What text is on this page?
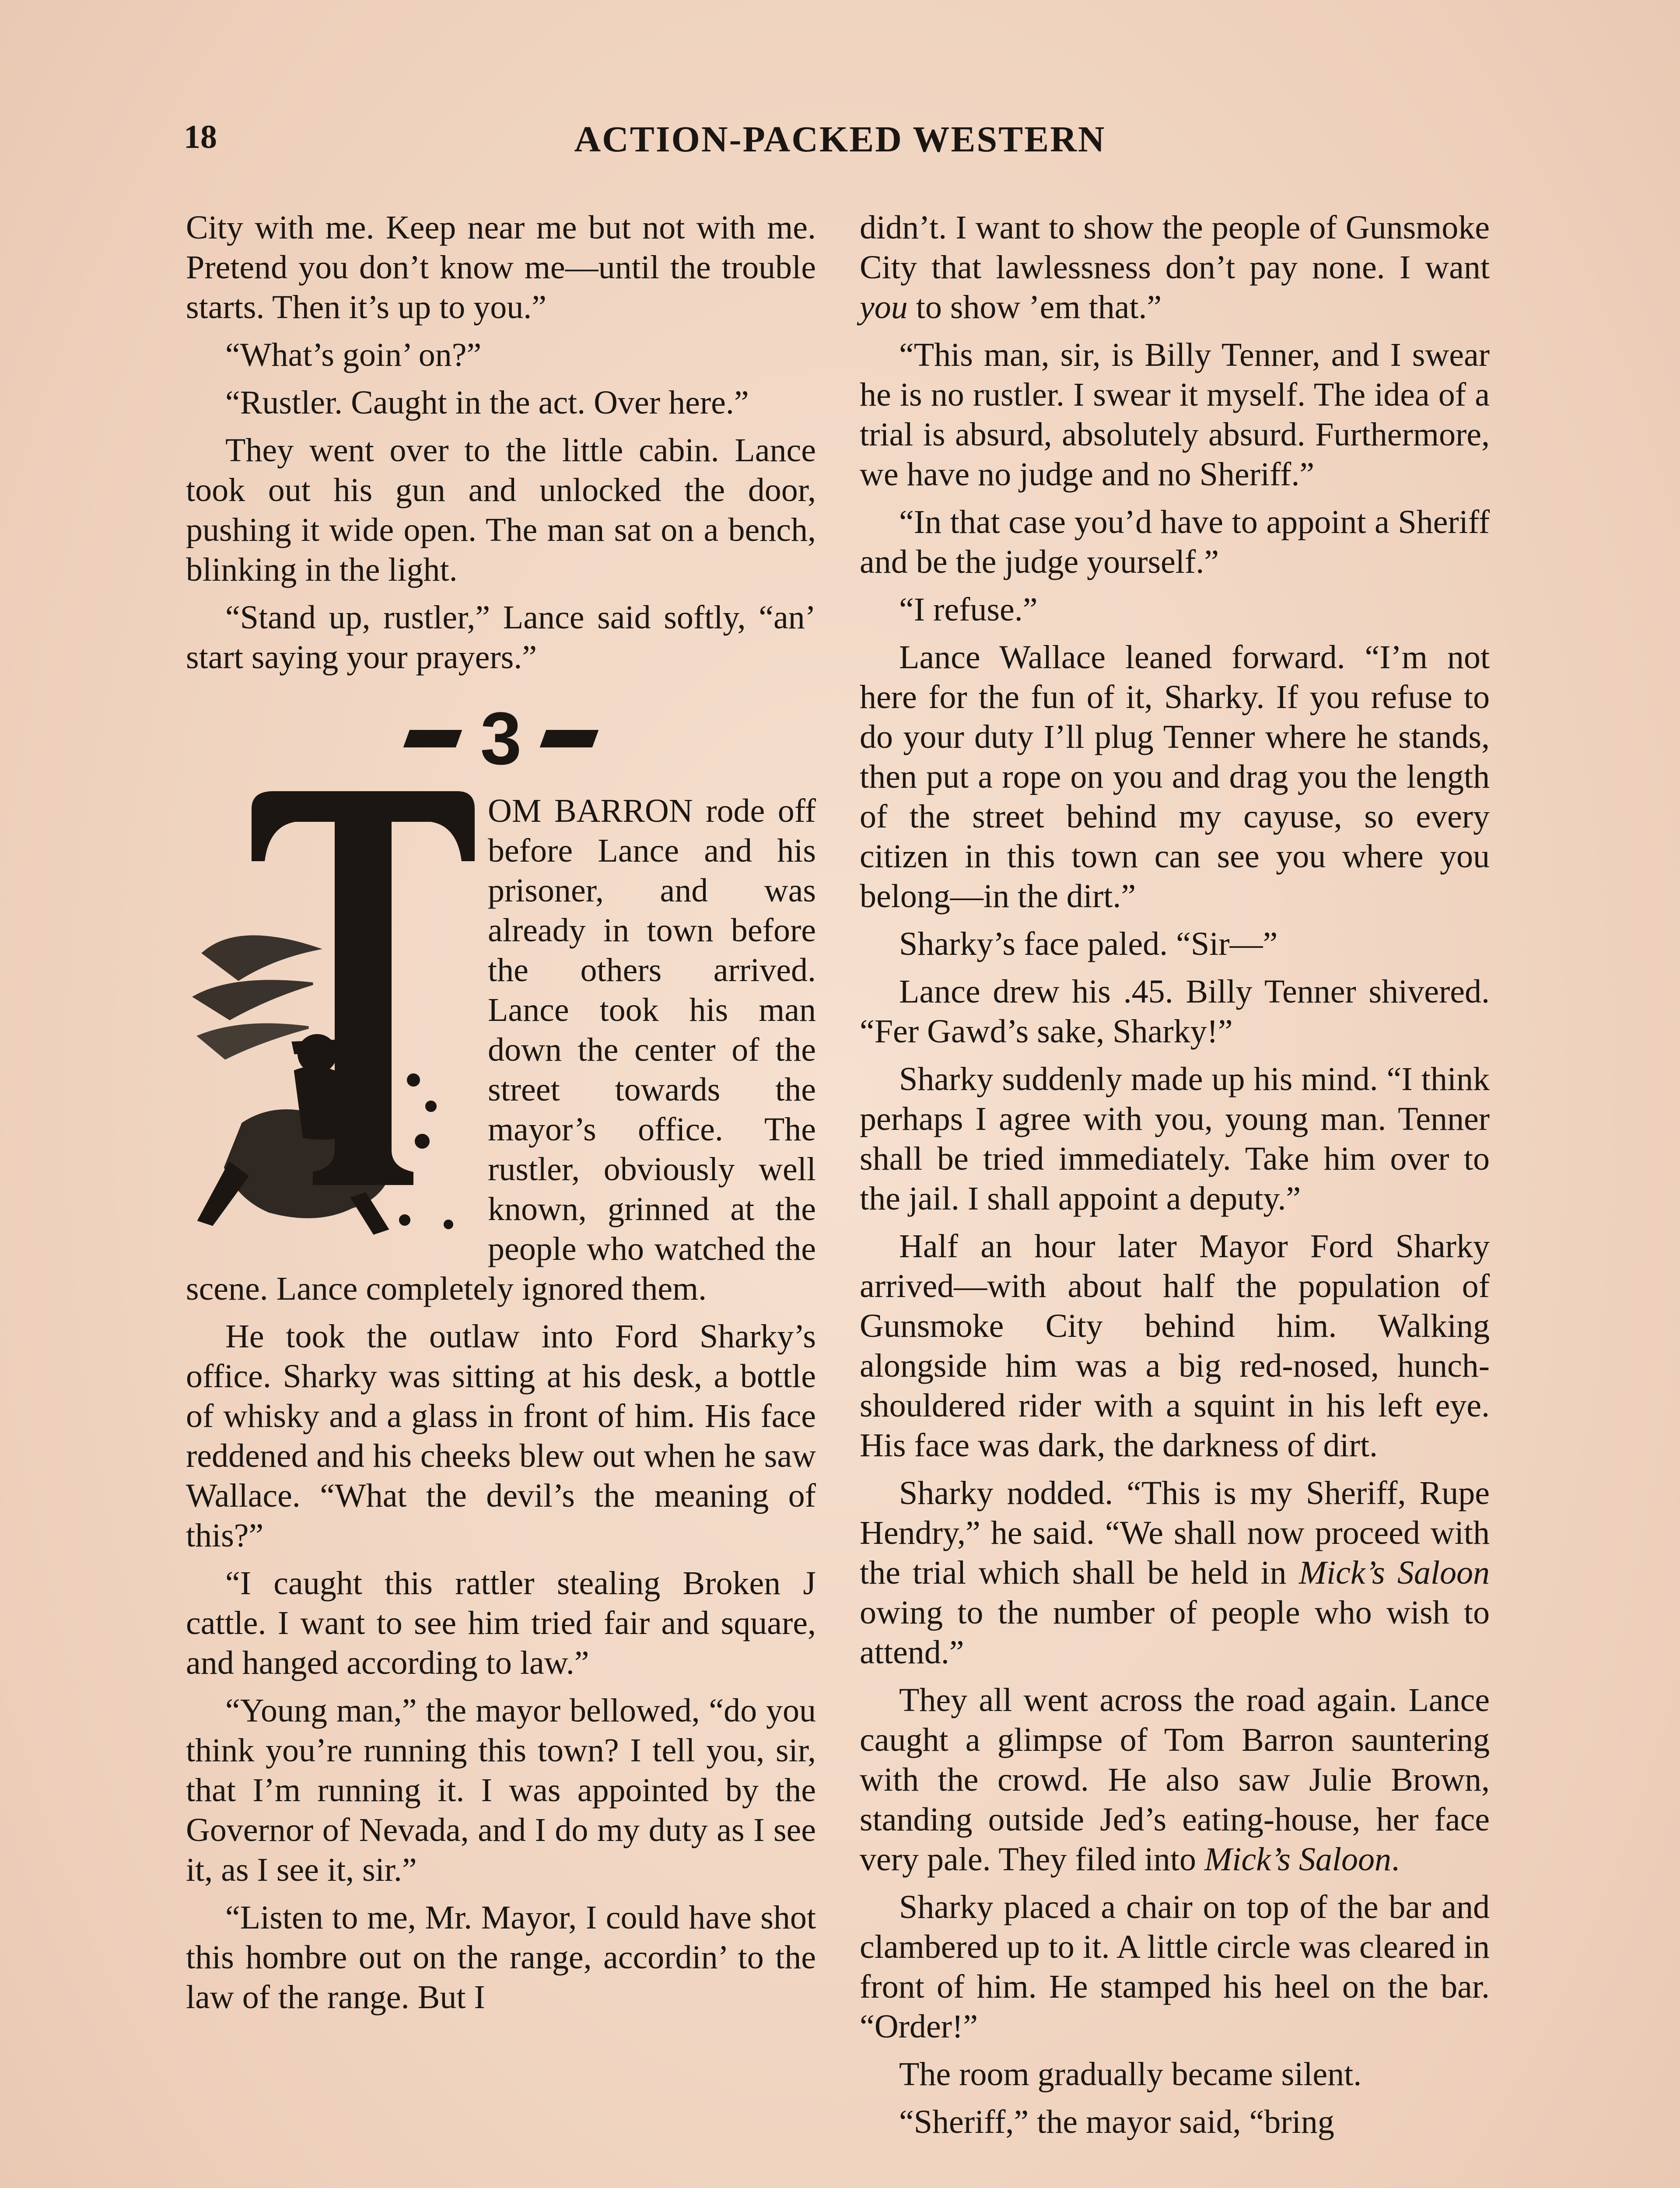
18	ACTION-PACKED WESTERN

City with me. Keep near me but not with me. Pretend you don’t know me—until the trouble starts. Then it’s up to you.”

“What’s goin’ on?”

“Rustler. Caught in the act. Over here.”

They went over to the little cabin. Lance took out his gun and unlocked the door, pushing it wide open. The man sat on a bench, blinking in the light.

“Stand up, rustler,” Lance said softly, “an’ start saying your prayers.”

3

OM BARRON rode off before Lance and his prisoner, and was already in town before the others arrived. Lance took his man down the center of the street towards the mayor’s office. The rustler, obviously well known, grinned at the people who watched the scene. Lance completely ignored them.

He took the outlaw into Ford Sharky’s office. Sharky was sitting at his desk, a bottle of whisky and a glass in front of him. His face reddened and his cheeks blew out when he saw Wallace. “What the devil’s the meaning of this?”

“I caught this rattler stealing Broken J cattle. I want to see him tried fair and square, and hanged according to law.”

“Young man,” the mayor bellowed, “do you think you’re running this town? I tell you, sir, that I’m running it. I was appointed by the Governor of Nevada, and I do my duty as I see it, as I see it, sir.”

“Listen to me, Mr. Mayor, I could have shot this hombre out on the range, accordin’ to the law of the range. But I

didn’t. I want to show the people of Gunsmoke City that lawlessness don’t pay none. I want you to show ’em that.”

“This man, sir, is Billy Tenner, and I swear he is no rustler. I swear it myself. The idea of a trial is absurd, absolutely absurd. Furthermore, we have no judge and no Sheriff.”

“In that case you’d have to appoint a Sheriff and be the judge yourself.”

“I refuse.”

Lance Wallace leaned forward. “I’m not here for the fun of it, Sharky. If you refuse to do your duty I’ll plug Tenner where he stands, then put a rope on you and drag you the length of the street behind my cayuse, so every citizen in this town can see you where you belong—in the dirt.”

Sharky’s face paled. “Sir—”

Lance drew his .45. Billy Tenner shivered. “Fer Gawd’s sake, Sharky!”

Sharky suddenly made up his mind. “I think perhaps I agree with you, young man. Tenner shall be tried immediately. Take him over to the jail. I shall appoint a deputy.”

Half an hour later Mayor Ford Sharky arrived—with about half the population of Gunsmoke City behind him. Walking alongside him was a big red-nosed, hunch-shouldered rider with a squint in his left eye. His face was dark, the darkness of dirt.

Sharky nodded. “This is my Sheriff, Rupe Hendry,” he said. “We shall now proceed with the trial which shall be held in Mick’s Saloon owing to the number of people who wish to attend.”

They all went across the road again. Lance caught a glimpse of Tom Barron sauntering with the crowd. He also saw Julie Brown, standing outside Jed’s eating-house, her face very pale. They filed into Mick’s Saloon.

Sharky placed a chair on top of the bar and clambered up to it. A little circle was cleared in front of him. He stamped his heel on the bar. “Order!”

The room gradually became silent.

“Sheriff,” the mayor said, “bring
